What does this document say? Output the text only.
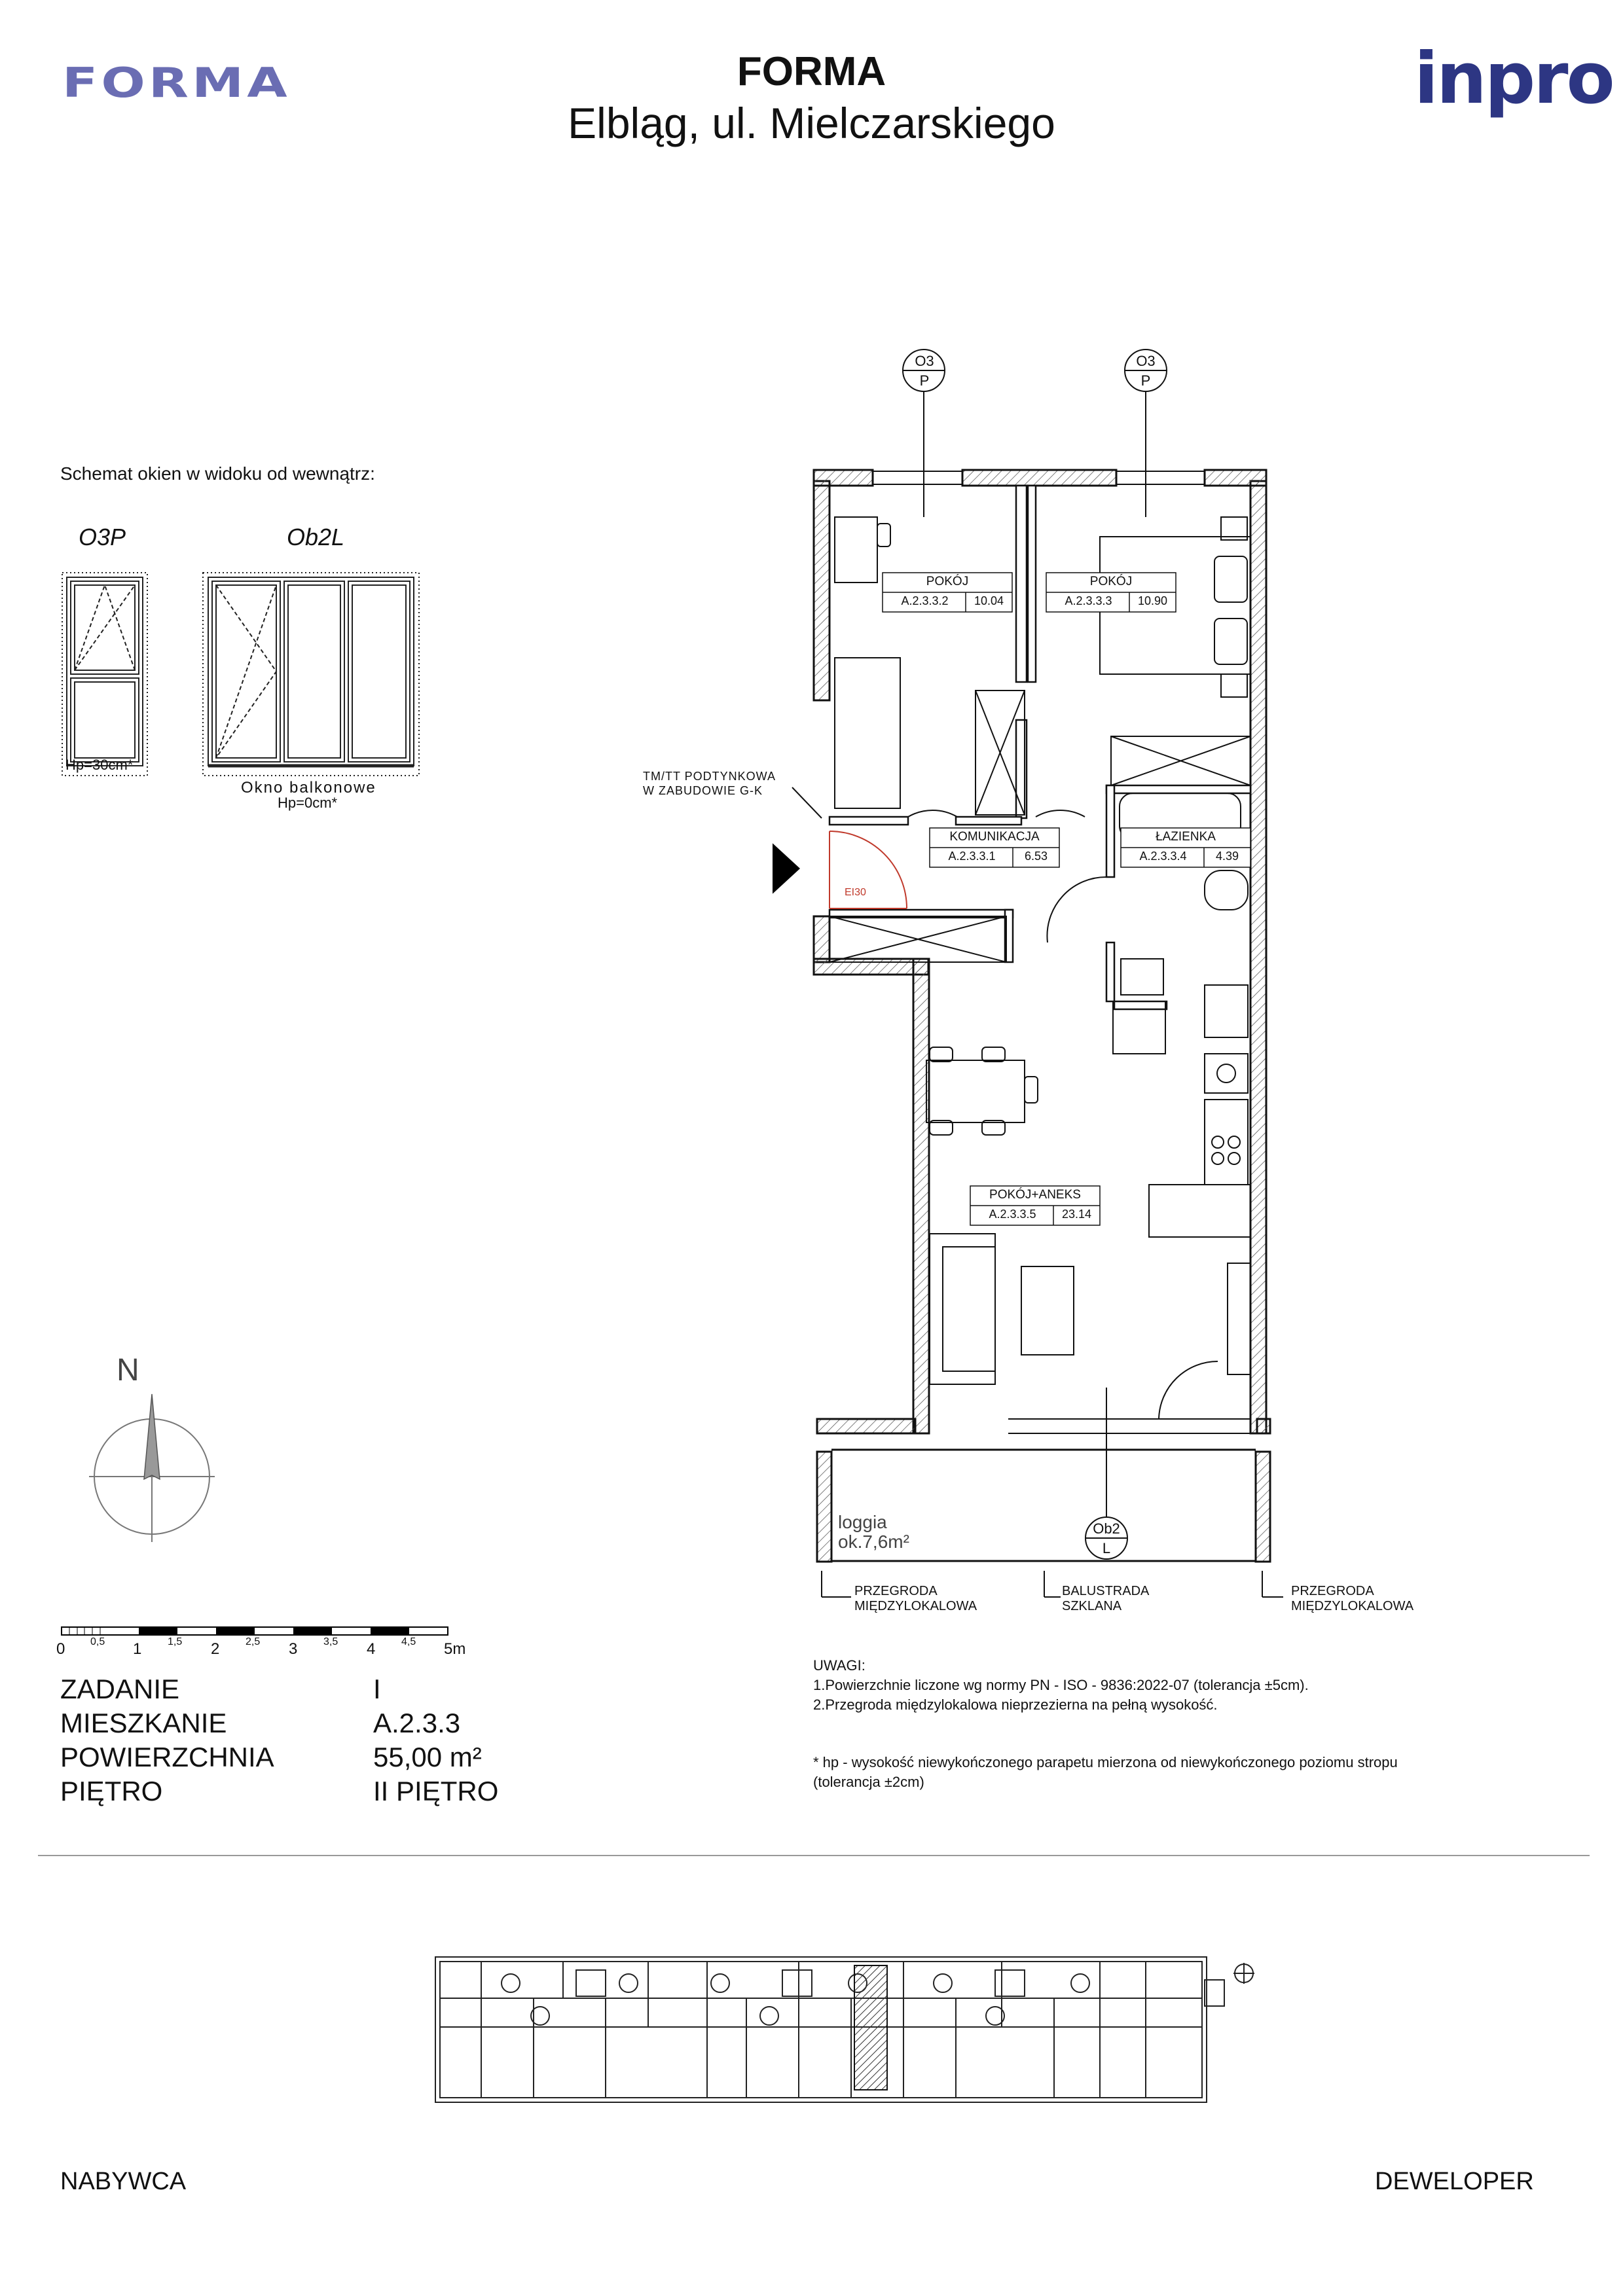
FORMA	FORMA
Elbląg, ul. Mielczarskiego
inpro
Schemat okien w widoku od wewnątrz:
O3P	Ob2L
Hp=30cm*
Okno balkonowe
Hp=0cm*
O3
P
O3
P
Ob2
L
EI30
TM/TT PODTYNKOWA
W ZABUDOWIE G-K
loggia
ok.7,6m²
POKÓJ
A.2.3.3.2	10.04
POKÓJ
A.2.3.3.3	10.90
KOMUNIKACJA
A.2.3.3.1	6.53
ŁAZIENKA
A.2.3.3.4	4.39
POKÓJ+ANEKS
A.2.3.3.5	23.14
PRZEGRODA
MIĘDZYLOKALOWA
BALUSTRADA
SZKLANA
PRZEGRODA
MIĘDZYLOKALOWA
N
0 0,5 1 1,5 2 2,5 3 3,5 4 4,5 5m
ZADANIE	I
MIESZKANIE	A.2.3.3
POWIERZCHNIA	55,00 m²
PIĘTRO	II PIĘTRO
UWAGI:
1.Powierzchnie liczone wg normy PN - ISO - 9836:2022-07 (tolerancja ±5cm).
2.Przegroda międzylokalowa nieprzezierna na pełną wysokość.
* hp - wysokość niewykończonego parapetu mierzona od niewykończonego poziomu stropu
(tolerancja ±2cm)
NABYWCA	DEWELOPER
